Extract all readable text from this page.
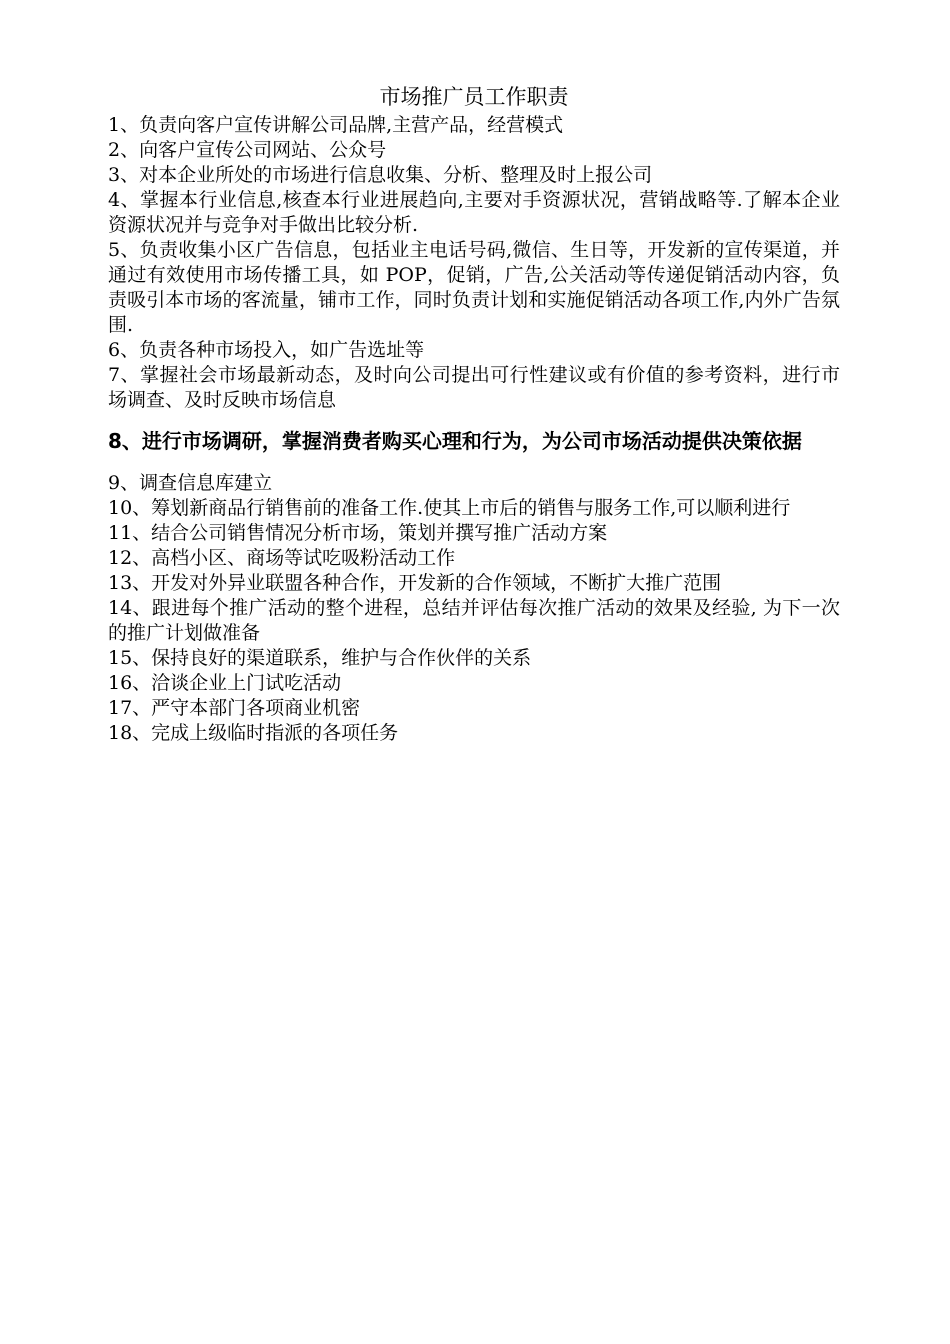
市场推广员工作职责

1、负责向客户宣传讲解公司品牌,主营产品，经营模式

2、向客户宣传公司网站、公众号

3、对本企业所处的市场进行信息收集、分析、整理及时上报公司

4、掌握本行业信息,核查本行业进展趋向,主要对手资源状况，营销战略等.了解本企业资源状况并与竞争对手做出比较分析.

5、负责收集小区广告信息，包括业主电话号码,微信、生日等，开发新的宣传渠道，并通过有效使用市场传播工具，如 POP，促销，广告,公关活动等传递促销活动内容，负责吸引本市场的客流量，铺市工作，同时负责计划和实施促销活动各项工作,内外广告氛围.

6、负责各种市场投入，如广告选址等

7、掌握社会市场最新动态，及时向公司提出可行性建议或有价值的参考资料，进行市场调查、及时反映市场信息

8、进行市场调研，掌握消费者购买心理和行为，为公司市场活动提供决策依据

9、调查信息库建立

10、筹划新商品行销售前的准备工作.使其上市后的销售与服务工作,可以顺利进行

11、结合公司销售情况分析市场，策划并撰写推广活动方案

12、高档小区、商场等试吃吸粉活动工作

13、开发对外异业联盟各种合作，开发新的合作领域，不断扩大推广范围

14、跟进每个推广活动的整个进程，总结并评估每次推广活动的效果及经验, 为下一次的推广计划做准备

15、保持良好的渠道联系，维护与合作伙伴的关系

16、洽谈企业上门试吃活动

17、严守本部门各项商业机密

18、完成上级临时指派的各项任务
